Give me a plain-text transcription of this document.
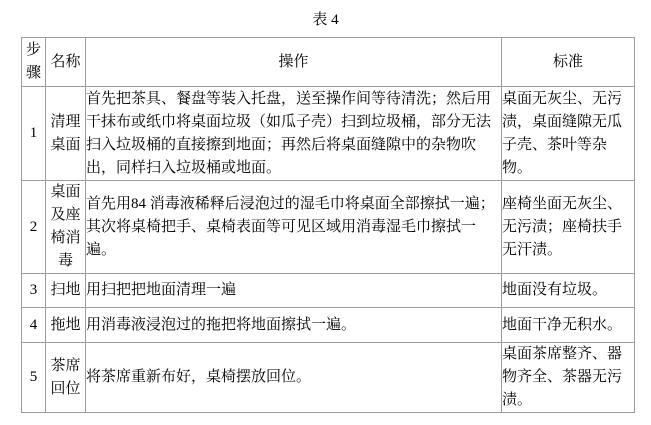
表 4
步骤	名称	操作	标准
1	清理桌面	首先把茶具、餐盘等装入托盘，送至操作间等待清洗；然后用干抹布或纸巾将桌面垃圾（如瓜子壳）扫到垃圾桶，部分无法扫入垃圾桶的直接擦到地面；再然后将桌面缝隙中的杂物吹出，同样扫入垃圾桶或地面。	桌面无灰尘、无污渍，桌面缝隙无瓜子壳、茶叶等杂物。
2	桌面及座椅消毒	首先用84 消毒液稀释后浸泡过的湿毛巾将桌面全部擦拭一遍；其次将桌椅把手、桌椅表面等可见区域用消毒湿毛巾擦拭一遍。	座椅坐面无灰尘、无污渍；座椅扶手无汗渍。
3	扫地	用扫把把地面清理一遍	地面没有垃圾。
4	拖地	用消毒液浸泡过的拖把将地面擦拭一遍。	地面干净无积水。
5	茶席回位	将茶席重新布好，桌椅摆放回位。	桌面茶席整齐、器物齐全、茶器无污渍。
